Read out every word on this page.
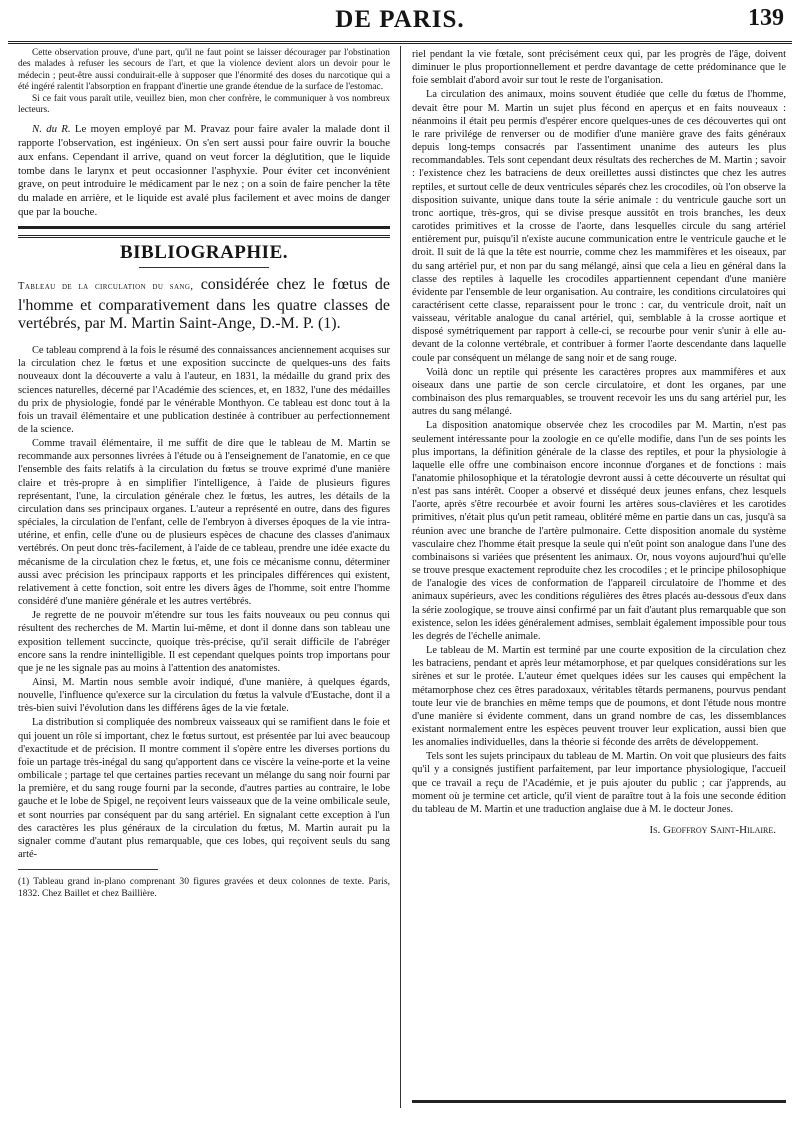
DE PARIS.	139

Cette observation prouve, d'une part, qu'il ne faut point se laisser décourager par l'obstination des malades à refuser les secours de l'art, et que la violence devient alors un devoir pour le médecin ; peut-être aussi conduirait-elle à supposer que l'énormité des doses du narcotique qui a été ingéré ralentit l'absorption en frappant d'inertie une grande étendue de la surface de l'estomac.

Si ce fait vous paraît utile, veuillez bien, mon cher confrère, le communiquer à vos nombreux lecteurs.

N. du R. Le moyen employé par M. Pravaz pour faire avaler la malade dont il rapporte l'observation, est ingénieux. On s'en sert aussi pour faire ouvrir la bouche aux enfans. Cependant il arrive, quand on veut forcer la déglutition, que le liquide tombe dans le larynx et peut occasionner l'asphyxie. Pour éviter cet inconvénient grave, on peut introduire le médicament par le nez ; on a soin de faire pencher la tête du malade en arrière, et le liquide est avalé plus facilement et avec moins de danger que par la bouche.

BIBLIOGRAPHIE.
Tableau de la circulation du sang, considérée chez le fœtus de l'homme et comparativement dans les quatre classes de vertébrés, par M. Martin Saint-Ange, D.-M. P. (1).

Ce tableau comprend à la fois le résumé des connaissances anciennement acquises sur la circulation chez le fœtus et une exposition succincte de quelques-uns des faits nouveaux dont la découverte a valu à l'auteur, en 1831, la médaille du grand prix des sciences naturelles, décerné par l'Académie des sciences, et, en 1832, l'une des médailles du prix de physiologie, fondé par le vénérable Monthyon. Ce tableau est donc tout à la fois un travail élémentaire et une publication destinée à contribuer au perfectionnement de la science.

Comme travail élémentaire, il me suffit de dire que le tableau de M. Martin se recommande aux personnes livrées à l'étude ou à l'enseignement de l'anatomie, en ce que l'ensemble des faits relatifs à la circulation du fœtus se trouve exprimé d'une manière claire et très-propre à en simplifier l'intelligence, à l'aide de plusieurs figures représentant, l'une, la circulation générale chez le fœtus, les autres, les détails de la circulation dans ses principaux organes. L'auteur a représenté en outre, dans des figures spéciales, la circulation de l'enfant, celle de l'embryon à diverses époques de la vie intra-utérine, et enfin, celle d'une ou de plusieurs espèces de chacune des classes d'animaux vertébrés. On peut donc très-facilement, à l'aide de ce tableau, prendre une idée exacte du mécanisme de la circulation chez le fœtus, et, une fois ce mécanisme connu, déterminer aussi avec précision les principaux rapports et les principales différences qui existent, relativement à cette fonction, soit entre les divers âges de l'homme, soit entre l'homme considéré d'une manière générale et les autres vertébrés.

Je regrette de ne pouvoir m'étendre sur tous les faits nouveaux ou peu connus qui résultent des recherches de M. Martin lui-même, et dont il donne dans son tableau une exposition tellement succincte, quoique très-précise, qu'il serait difficile de l'abréger encore sans la rendre inintelligible. Il est cependant quelques points trop importans pour que je ne les signale pas au moins à l'attention des anatomistes.

Ainsi, M. Martin nous semble avoir indiqué, d'une manière, à quelques égards, nouvelle, l'influence qu'exerce sur la circulation du fœtus la valvule d'Eustache, dont il a très-bien suivi l'évolution dans les différens âges de la vie fœtale.

La distribution si compliquée des nombreux vaisseaux qui se ramifient dans le foie et qui jouent un rôle si important, chez le fœtus surtout, est présentée par lui avec beaucoup d'exactitude et de précision. Il montre comment il s'opère entre les diverses portions du foie un partage très-inégal du sang qu'apportent dans ce viscère la veine-porte et la veine ombilicale ; partage tel que certaines parties recevant un mélange du sang noir fourni par la première, et du sang rouge fourni par la seconde, d'autres parties au contraire, le lobe gauche et le lobe de Spigel, ne reçoivent leurs vaisseaux que de la veine ombilicale seule, et sont nourries par conséquent par du sang artériel. En signalant cette exception à l'un des caractères les plus généraux de la circulation du fœtus, M. Martin aurait pu la signaler comme d'autant plus remarquable, que ces lobes, qui reçoivent seuls du sang arté-

(1) Tableau grand in-plano comprenant 30 figures gravées et deux colonnes de texte. Paris, 1832. Chez Baillet et chez Baillière.

riel pendant la vie fœtale, sont précisément ceux qui, par les progrès de l'âge, doivent diminuer le plus proportionnellement et perdre davantage de cette prédominance que le foie semblait d'abord avoir sur tout le reste de l'organisation.

La circulation des animaux, moins souvent étudiée que celle du fœtus de l'homme, devait être pour M. Martin un sujet plus fécond en aperçus et en faits nouveaux : néanmoins il était peu permis d'espérer encore quelques-unes de ces découvertes qui ont le rare privilége de renverser ou de modifier d'une manière grave des faits généraux depuis long-temps consacrés par l'assentiment unanime des auteurs les plus recommandables. Tels sont cependant deux résultats des recherches de M. Martin ; savoir : l'existence chez les batraciens de deux oreillettes aussi distinctes que chez les autres reptiles, et surtout celle de deux ventricules séparés chez les crocodiles, où l'on observe la disposition suivante, unique dans toute la série animale : du ventricule gauche sort un tronc aortique, très-gros, qui se divise presque aussitôt en trois branches, les deux carotides primitives et la crosse de l'aorte, dans lesquelles circule du sang artériel entièrement pur, puisqu'il n'existe aucune communication entre le ventricule gauche et le droit. Il suit de là que la tête est nourrie, comme chez les mammifères et les oiseaux, par du sang artériel pur, et non par du sang mélangé, ainsi que cela a lieu en général dans la classe des reptiles à laquelle les crocodiles appartiennent cependant d'une manière évidente par l'ensemble de leur organisation. Au contraire, les conditions circulatoires qui caractérisent cette classe, reparaissent pour le tronc : car, du ventricule droit, naît un vaisseau, véritable analogue du canal artériel, qui, semblable à la crosse aortique et disposé symétriquement par rapport à celle-ci, se recourbe pour venir s'unir à elle au-devant de la colonne vertébrale, et contribuer à former l'aorte descendante dans laquelle coule par conséquent un mélange de sang noir et de sang rouge.

Voilà donc un reptile qui présente les caractères propres aux mammifères et aux oiseaux dans une partie de son cercle circulatoire, et dont les organes, par une combinaison des plus remarquables, se trouvent recevoir les uns du sang artériel pur, les autres du sang mélangé.

La disposition anatomique observée chez les crocodiles par M. Martin, n'est pas seulement intéressante pour la zoologie en ce qu'elle modifie, dans l'un de ses points les plus importans, la définition générale de la classe des reptiles, et pour la physiologie à laquelle elle offre une combinaison encore inconnue d'organes et de fonctions : mais l'anatomie philosophique et la tératologie devront aussi à cette découverte un résultat qui n'est pas sans intérêt. Cooper a observé et disséqué deux jeunes enfans, chez lesquels l'aorte, après s'être recourbée et avoir fourni les artères sous-clavières et les carotides primitives, n'était plus qu'un petit rameau, oblitéré même en partie dans un cas, jusqu'à sa réunion avec une branche de l'artère pulmonaire. Cette disposition anomale du système vasculaire chez l'homme était presque la seule qui n'eût point son analogue dans l'une des combinaisons si variées que présentent les animaux. Or, nous voyons aujourd'hui qu'elle se trouve presque exactement reproduite chez les crocodiles ; et le principe philosophique de l'analogie des vices de conformation de l'appareil circulatoire de l'homme et des animaux supérieurs, avec les conditions régulières des êtres placés au-dessous d'eux dans la série zoologique, se trouve ainsi confirmé par un fait d'autant plus remarquable que son existence, selon les idées généralement admises, semblait également impossible pour tous les degrés de l'échelle animale.

Le tableau de M. Martin est terminé par une courte exposition de la circulation chez les batraciens, pendant et après leur métamorphose, et par quelques considérations sur les sirènes et sur le protée. L'auteur émet quelques idées sur les causes qui empêchent la métamorphose chez ces êtres paradoxaux, véritables têtards permanens, pourvus pendant toute leur vie de branchies en même temps que de poumons, et dont l'étude nous montre d'une manière si évidente comment, dans un grand nombre de cas, les dissemblances existant normalement entre les espèces peuvent trouver leur explication, aussi bien que les anomalies individuelles, dans la théorie si féconde des arrêts de développement.

Tels sont les sujets principaux du tableau de M. Martin. On voit que plusieurs des faits qu'il y a consignés justifient parfaitement, par leur importance physiologique, l'accueil que ce travail a reçu de l'Académie, et je puis ajouter du public ; car j'apprends, au moment où je termine cet article, qu'il vient de paraître tout à la fois une seconde édition du tableau de M. Martin et une traduction anglaise due à M. le docteur Jones.

Is. Geoffroy Saint-Hilaire.
